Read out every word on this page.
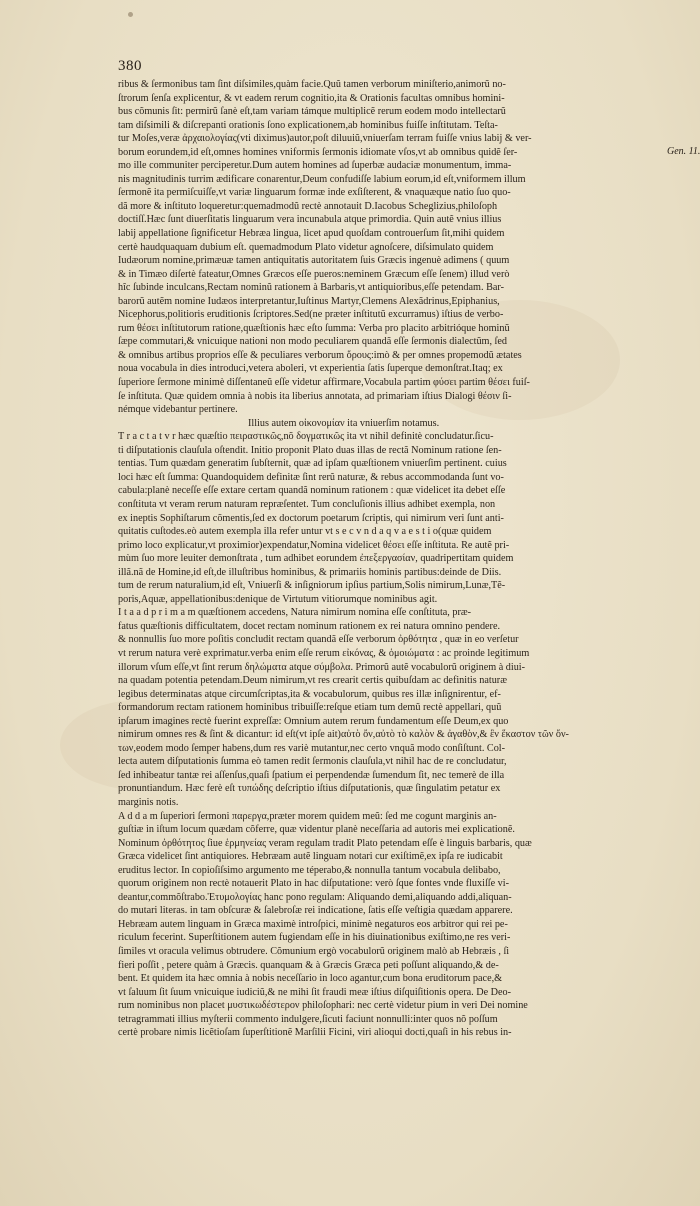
380
Gen. 11.
ribus & ſermonibus tam ſint diſsimiles,quàm facie.Quũ tamen verborum miniſterio,animorũ no-
ſtrorum ſenſa explicentur, & vt eadem rerum cognitio,ita & Orationis facultas omnibus homini-
bus cõmunis ſit: permirũ ſanè eſt,tam variam támque multiplicẽ rerum eodem modo intellectarũ
tam diſsimili & diſcrepanti orationis ſono explicationem,ab hominibus fuiſſe inſtitutam. Teſta-
tur Moſes,veræ ἀρχαιολογίας(vti diximus)autor,poſt diluuiũ,vniuerſam terram fuiſſe vnius labij & ver-
borum eorundem,id eſt,omnes homines vniformis ſermonis idiomate vſos,vt ab omnibus quidẽ ſer-
mo ille communiter perciperetur.Dum autem homines ad ſuperbæ audaciæ monumentum, imma-
nis magnitudinis turrim ædificare conarentur,Deum confudiſſe labium eorum,id eſt,vniformem illum
ſermonẽ ita permiſcuiſſe,vt variæ linguarum formæ inde exſiſterent, & vnaquæque natio ſuo quo-
dã more & inſtituto loqueretur:quemadmodũ rectè annotauit D.Iacobus Scheglizius,philoſoph
doctiſſ.Hæc ſunt diuerſitatis linguarum vera incunabula atque primordia. Quin autẽ vnius illius
labij appellatione ſignificetur Hebræa lingua, licet apud quoſdam controuerſum ſit,mihi quidem
certè haudquaquam dubium eſt. quemadmodum Plato videtur agnoſcere, diſsimulato quidem
Iudæorum nomine,primæuæ tamen antiquitatis autoritatem ſuis Græcis ingenuè adimens ( quum
& in Timæo diſertè fateatur,Omnes Græcos eſſe pueros:neminem Græcum eſſe ſenem) illud verò
hîc ſubinde inculcans,Rectam nominũ rationem à Barbaris,vt antiquioribus,eſſe petendam. Bar-
barorũ autẽm nomine Iudæos interpretantur,Iuſtinus Martyr,Clemens Alexãdrinus,Epiphanius,
Nicephorus,politioris eruditionis ſcriptores.Sed(ne præter inſtitutũ excurramus) iſtius de verbo-
rum θέσει inſtitutorum ratione,quæſtionis hæc eſto ſumma: Verba pro placito arbitrióque hominũ
ſæpe commutari,& vnicuique nationi non modo peculiarem quandã eſſe ſermonis dialectũm, ſed
& omnibus artibus proprios eſſe & peculiares verborum ὅρους:imò & per omnes propemodũ ætates
noua vocabula in dies introduci,vetera aboleri, vt experientia ſatis ſuperque demonſtrat.Itaq; ex
ſuperiore ſermone minimè diſſentaneũ eſſe videtur affirmare,Vocabula partim φύσει partim θέσει fuiſ-
ſe inſtituta. Quæ quidem omnia à nobis ita liberius annotata, ad primariam iſtius Dialogi θέσιν ſi-
némque videbantur pertinere.
Illius autem οἰκονομίαν ita vniuerſim notamus.
T r a c t a t v r hæc quæſtio πειραστικῶς,nõ δογματικῶς ita vt nihil definitè concludatur.ſicu-
ti diſputationis clauſula oſtendit. Initio proponit Plato duas illas de rectã Nominum ratione ſen-
tentias. Tum quædam generatim ſubſternit, quæ ad ipſam quæſtionem vniuerſim pertinent. cuius
loci hæc eſt ſumma: Quandoquidem definitæ ſint rerũ naturæ, & rebus accommodanda ſunt vo-
cabula:planè neceſſe eſſe extare certam quandã nominum rationem : quæ videlicet ita debet eſſe
conſtituta vt veram rerum naturam repræſentet. Tum concluſionis illius adhibet exempla, non
ex ineptis Sophiſtarum cõmentis,ſed ex doctorum poetarum ſcriptis, qui nimirum veri ſunt anti-
quitatis cuſtodes.eò autem exempla illa refer untur vt s e c v n d a q v a e s t i o(quæ quidem
primo loco explicatur,vt proximior)expendatur,Nomina videlicet θέσει eſſe inſtituta. Re autẽ pri-
mùm ſuo more leuiter demonſtrata , tum adhibet eorundem ἐπεξεργασίαν, quadripertitam quidem
illã.nã de Homine,id eſt,de illuſtribus hominibus, & primariis hominis partibus:deinde de Diis.
tum de rerum naturalium,id eſt, Vniuerſi & inſigniorum ipſius partium,Solis nimirum,Lunæ,Tẽ-
poris,Aquæ, appellationibus:denique de Virtutum vitiorumque nominibus agit.
I t a a d p r i m a m quæſtionem accedens, Natura nimirum nomina eſſe conſtituta, præ-
fatus quæſtionis difficultatem, docet rectam nominum rationem ex rei natura omnino pendere.
& nonnullis ſuo more poſitis concludit rectam quandã eſſe verborum ὀρθότητα , quæ in eo verſetur
vt rerum natura verè exprimatur.verba enim eſſe rerum εἰκόνας, & ὁμοιώματα : ac proinde legitimum
illorum vſum eſſe,vt ſint rerum δηλώματα atque σύμβολα. Primorũ autẽ vocabulorũ originem à diui-
na quadam potentia petendam.Deum nimirum,vt res crearit certis quibuſdam ac definitis naturæ
legibus determinatas atque circumſcriptas,ita & vocabulorum, quibus res illæ inſignirentur, ef-
formandorum rectam rationem hominibus tribuiſſe:reſque etiam tum demũ rectè appellari, quũ
ipſarum imagines rectè fuerint expreſſæ: Omnium autem rerum fundamentum eſſe Deum,ex quo
nimirum omnes res & ſint & dicantur: id eſt(vt ipſe ait)αὐτὸ ὄν,αὐτὸ τὸ καλὸν & ἀγαθὸν,& ἓν ἕκαστον τῶν ὄν-
των,eodem modo ſemper habens,dum res variè mutantur,nec certo vnquã modo conſiſtunt. Col-
lecta autem diſputationis ſumma eò tamen redit ſermonis clauſula,vt nihil hac de re concludatur,
ſed inhibeatur tantæ rei aſſenſus,quaſi ſpatium ei perpendendæ ſumendum ſit, nec temerè de illa
pronuntiandum. Hæc ferè eſt τυπώδης deſcriptio iſtius diſputationis, quæ ſingulatim petatur ex
marginis notis.
A d d a m ſuperiori ſermoni παρεργα,præter morem quidem meũ: ſed me cogunt marginis an-
guſtiæ in iſtum locum quædam cõferre, quæ videntur planè neceſſaria ad autoris mei explicationẽ.
Nominum ὀρθότητος ſiue ἑρμηνείας veram regulam tradit Plato petendam eſſe è linguis barbaris, quæ
Græca videlicet ſint antiquiores. Hebræam autẽ linguam notari cur exiſtimẽ,ex ipſa re iudicabit
eruditus lector. In copioſiſsimo argumento me téperabo,& nonnulla tantum vocabula delibabo,
quorum originem non rectè notauerit Plato in hac diſputatione: verò ſque fontes vnde fluxiſſe vi-
deantur,commõſtrabo.Ἐτυμολογίας hanc pono regulam: Aliquando demi,aliquando addi,aliquan-
do mutari literas. in tam obſcuræ & ſalebroſæ rei indicatione, ſatis eſſe veſtigia quædam apparere.
Hebræam autem linguam in Græca maximè introſpici, minimè negaturos eos arbitror qui rei pe-
riculum fecerint. Superſtitionem autem fugiendam eſſe in his diuinationibus exiſtimo,ne res veri-
ſimiles vt oracula velimus obtrudere. Cõmunium ergò vocabulorũ originem malò ab Hebræis , ſi
fieri poſſit , petere quàm à Græcis. quanquam & à Græcis Græca peti poſſunt aliquando,& de-
bent. Et quidem ita hæc omnia à nobis neceſſario in loco agantur,cum bona eruditorum pace,&
vt ſaluum ſit ſuum vnicuique iudiciũ,& ne mihi ſit fraudi meæ iſtius diſquiſitionis opera. De Deo-
rum nominibus non placet μυστικωδέστερον philoſophari: nec certè videtur pium in veri Dei nomine
tetragrammati illius myſterii commento indulgere,ſicuti faciunt nonnulli:inter quos nõ poſſum
certè probare nimis licẽtioſam ſuperſtitionẽ Marſilii Ficini, viri alioqui docti,quaſi in his rebus in-
